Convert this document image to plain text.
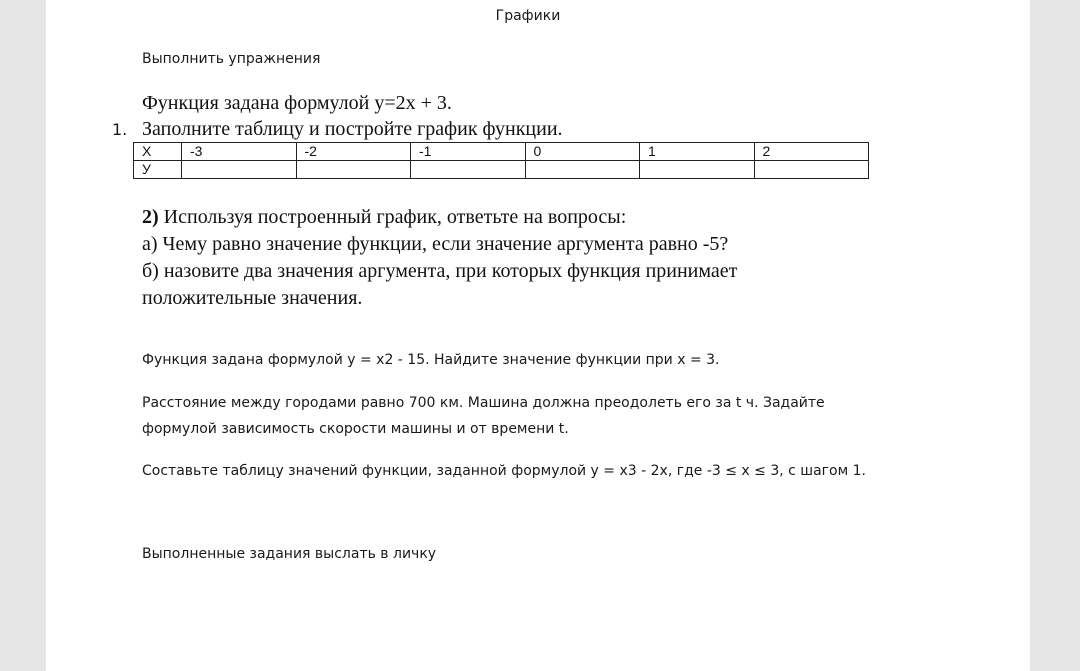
Графики
Выполнить упражнения
Функция задана формулой y=2x + 3.
1. Заполните таблицу и постройте график функции.
X	-3	-2	-1	0	1	2
У						
2) Используя построенный график, ответьте на вопросы:
а) Чему равно значение функции, если значение аргумента равно -5?
б) назовите два значения аргумента, при которых функция принимает
положительные значения.
Функция задана формулой y = x2 - 15. Найдите значение функции при x = 3.
Расстояние между городами равно 700 км. Машина должна преодолеть его за t ч. Задайте
формулой зависимость скорости машины и от времени t.
Составьте таблицу значений функции, заданной формулой y = x3 - 2x, где -3 ≤ x ≤ 3, с шагом 1.
Выполненные задания выслать в личку
